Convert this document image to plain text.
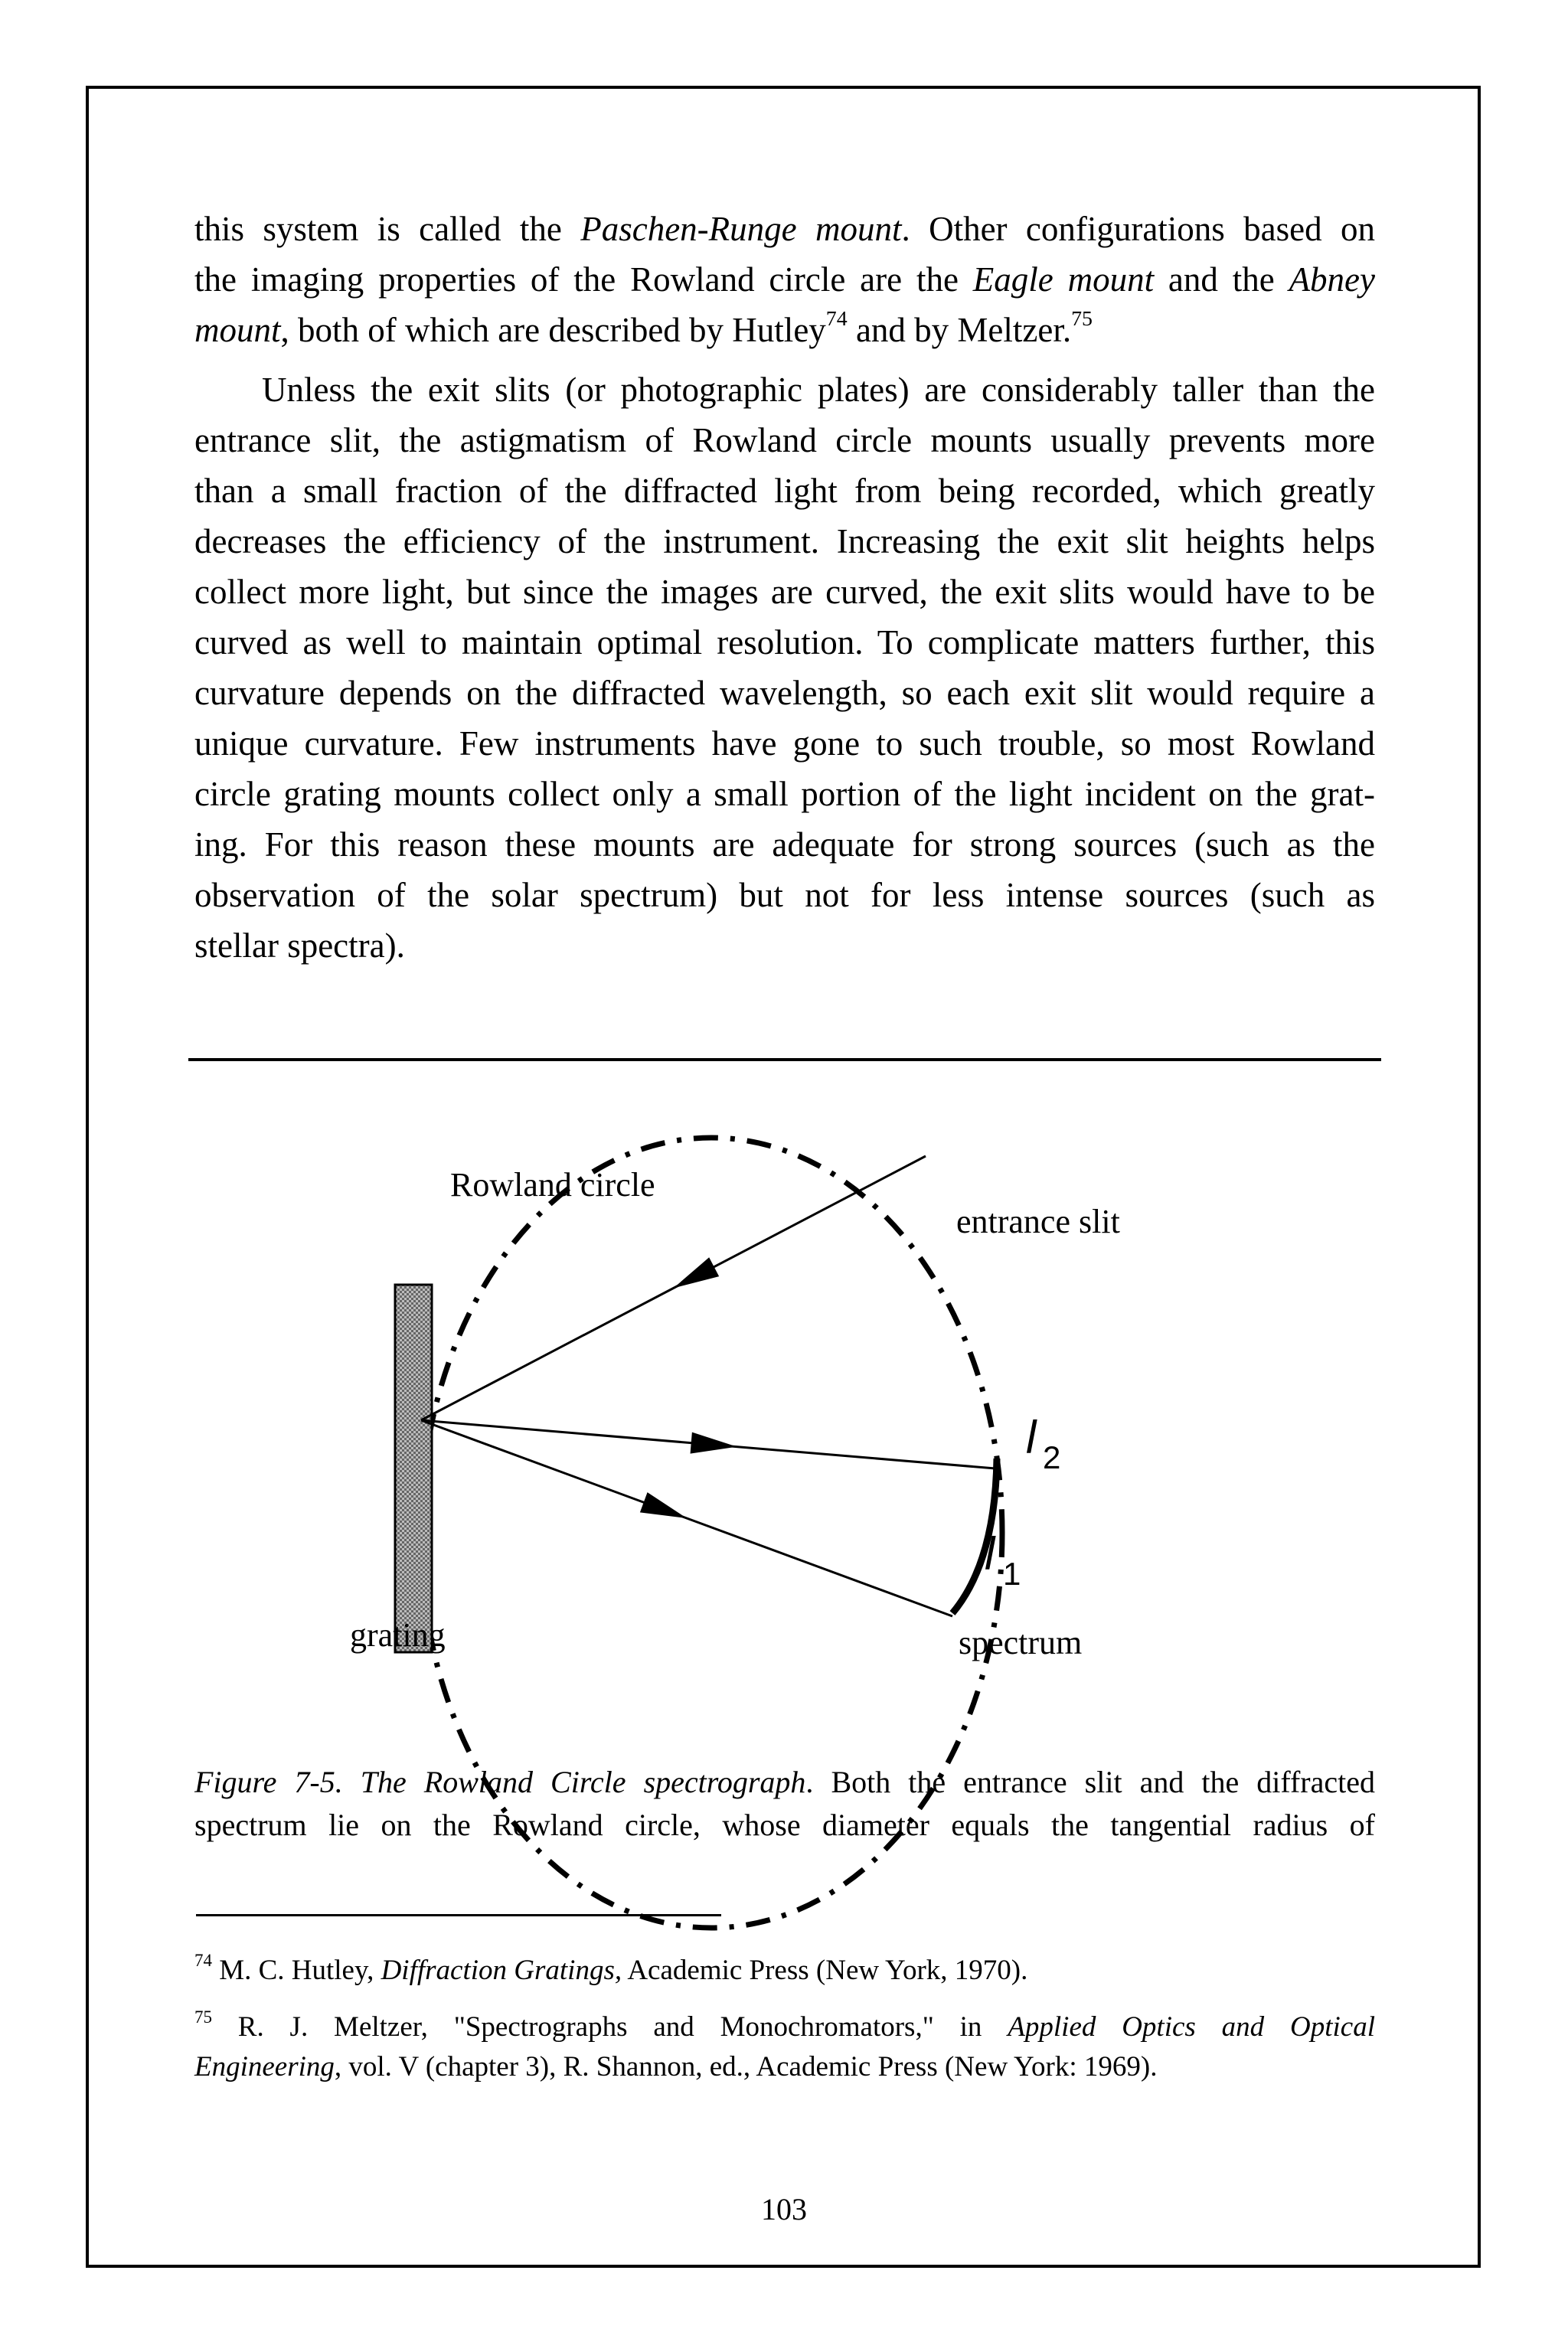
this system is called the Paschen-Runge mount. Other configurations based on
the imaging properties of the Rowland circle are the Eagle mount and the Abney
mount, both of which are described by Hutley$^{74}$ and by Meltzer.$^{75}$
Unless the exit slits (or photographic plates) are considerably taller than the
entrance slit, the astigmatism of Rowland circle mounts usually prevents more
than a small fraction of the diffracted light from being recorded, which greatly
decreases the efficiency of the instrument. Increasing the exit slit heights helps
collect more light, but since the images are curved, the exit slits would have to be
curved as well to maintain optimal resolution. To complicate matters further, this
curvature depends on the diffracted wavelength, so each exit slit would require a
unique curvature. Few instruments have gone to such trouble, so most Rowland
circle grating mounts collect only a small portion of the light incident on the grat-
ing. For this reason these mounts are adequate for strong sources (such as the
observation of the solar spectrum) but not for less intense sources (such as
stellar spectra).
Rowland circle
entrance slit
grating	spectrum
l 2
l 1
Figure 7-5. The Rowland Circle spectrograph. Both the entrance slit and the diffracted
spectrum lie on the Rowland circle, whose diameter equals the tangential radius of
$^{74}$ M. C. Hutley, Diffraction Gratings, Academic Press (New York, 1970).
$^{75}$ R. J. Meltzer, "Spectrographs and Monochromators," in Applied Optics and Optical
Engineering, vol. V (chapter 3), R. Shannon, ed., Academic Press (New York: 1969).
103
